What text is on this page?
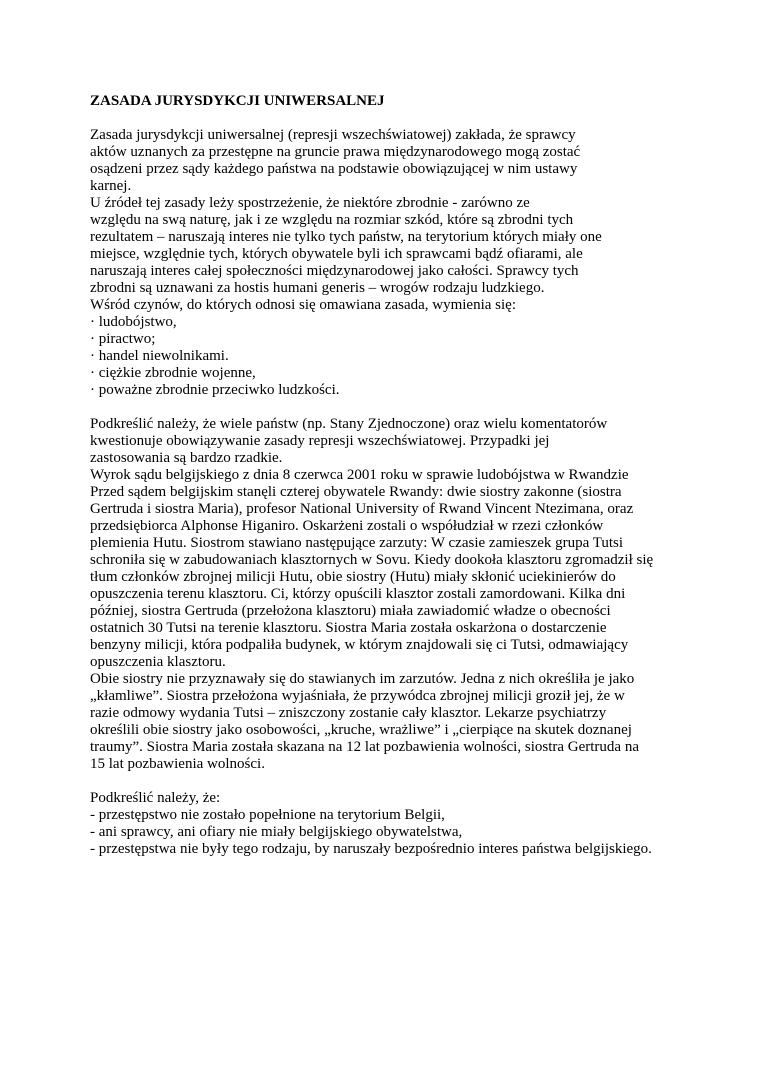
ZASADA JURYSDYKCJI UNIWERSALNEJ
Zasada jurysdykcji uniwersalnej (represji wszechświatowej) zakłada, że sprawcy
aktów uznanych za przestępne na gruncie prawa międzynarodowego mogą zostać
osądzeni przez sądy każdego państwa na podstawie obowiązującej w nim ustawy
karnej.
U źródeł tej zasady leży spostrzeżenie, że niektóre zbrodnie - zarówno ze
względu na swą naturę, jak i ze względu na rozmiar szkód, które są zbrodni tych
rezultatem – naruszają interes nie tylko tych państw, na terytorium których miały one
miejsce, względnie tych, których obywatele byli ich sprawcami bądź ofiarami, ale
naruszają interes całej społeczności międzynarodowej jako całości. Sprawcy tych
zbrodni są uznawani za hostis humani generis – wrogów rodzaju ludzkiego.
Wśród czynów, do których odnosi się omawiana zasada, wymienia się:
· ludobójstwo,
· piractwo;
· handel niewolnikami.
· ciężkie zbrodnie wojenne,
· poważne zbrodnie przeciwko ludzkości.
Podkreślić należy, że wiele państw (np. Stany Zjednoczone) oraz wielu komentatorów
kwestionuje obowiązywanie zasady represji wszechświatowej. Przypadki jej
zastosowania są bardzo rzadkie.
Wyrok sądu belgijskiego z dnia 8 czerwca 2001 roku w sprawie ludobójstwa w Rwandzie
Przed sądem belgijskim stanęli czterej obywatele Rwandy: dwie siostry zakonne (siostra
Gertruda i siostra Maria), profesor National University of Rwand Vincent Ntezimana, oraz
przedsiębiorca Alphonse Higaniro. Oskarżeni zostali o współudział w rzezi członków
plemienia Hutu. Siostrom stawiano następujące zarzuty: W czasie zamieszek grupa Tutsi
schroniła się w zabudowaniach klasztornych w Sovu. Kiedy dookoła klasztoru zgromadził się
tłum członków zbrojnej milicji Hutu, obie siostry (Hutu) miały skłonić uciekinierów do
opuszczenia terenu klasztoru. Ci, którzy opuścili klasztor zostali zamordowani. Kilka dni
później, siostra Gertruda (przełożona klasztoru) miała zawiadomić władze o obecności
ostatnich 30 Tutsi na terenie klasztoru. Siostra Maria została oskarżona o dostarczenie
benzyny milicji, która podpaliła budynek, w którym znajdowali się ci Tutsi, odmawiający
opuszczenia klasztoru.
Obie siostry nie przyznawały się do stawianych im zarzutów. Jedna z nich określiła je jako
„kłamliwe”. Siostra przełożona wyjaśniała, że przywódca zbrojnej milicji groził jej, że w
razie odmowy wydania Tutsi – zniszczony zostanie cały klasztor. Lekarze psychiatrzy
określili obie siostry jako osobowości, „kruche, wrażliwe” i „cierpiące na skutek doznanej
traumy”. Siostra Maria została skazana na 12 lat pozbawienia wolności, siostra Gertruda na
15 lat pozbawienia wolności.
Podkreślić należy, że:
- przestępstwo nie zostało popełnione na terytorium Belgii,
- ani sprawcy, ani ofiary nie miały belgijskiego obywatelstwa,
- przestępstwa nie były tego rodzaju, by naruszały bezpośrednio interes państwa belgijskiego.
